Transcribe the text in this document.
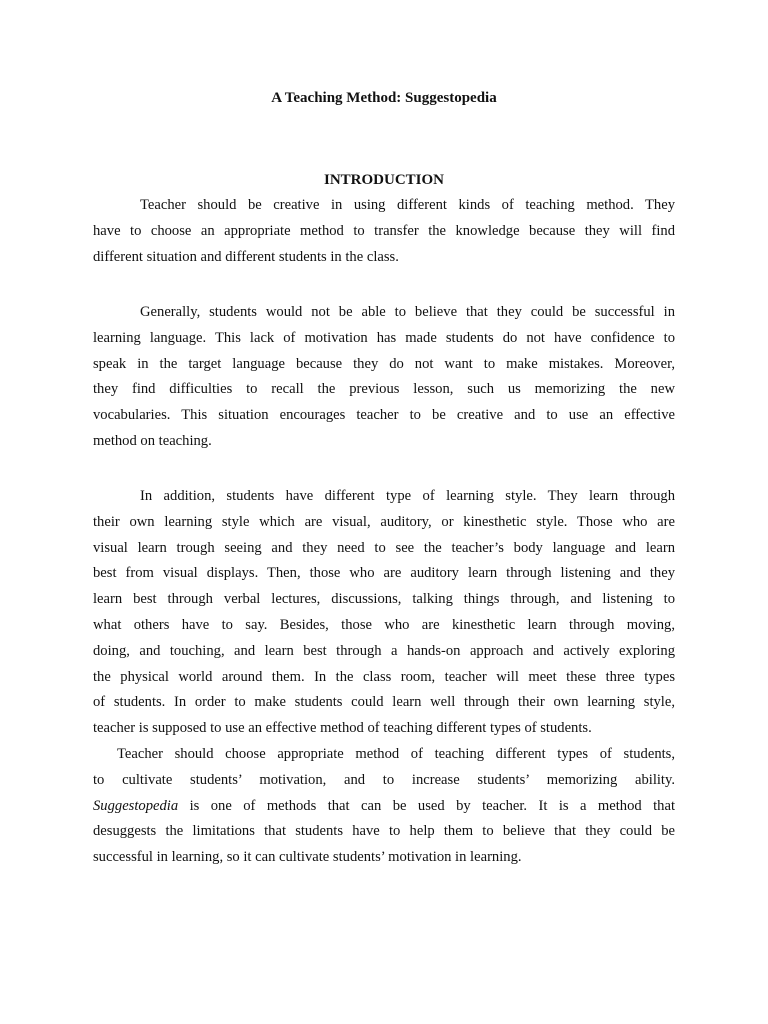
A Teaching Method: Suggestopedia
INTRODUCTION

Teacher should be creative in using different kinds of teaching method. They
have to choose an appropriate method to transfer the knowledge because they will find
different situation and different students in the class.

Generally, students would not be able to believe that they could be successful in
learning language. This lack of motivation has made students do not have confidence to
speak in the target language because they do not want to make mistakes. Moreover,
they find difficulties to recall the previous lesson, such us memorizing the new
vocabularies. This situation encourages teacher to be creative and to use an effective
method on teaching.

In addition, students have different type of learning style. They learn through
their own learning style which are visual, auditory, or kinesthetic style. Those who are
visual learn trough seeing and they need to see the teacher’s body language and learn
best from visual displays. Then, those who are auditory learn through listening and they
learn best through verbal lectures, discussions, talking things through, and listening to
what others have to say. Besides, those who are kinesthetic learn through moving,
doing, and touching, and learn best through a hands-on approach and actively exploring
the physical world around them. In the class room, teacher will meet these three types
of students. In order to make students could learn well through their own learning style,
teacher is supposed to use an effective method of teaching different types of students.

Teacher should choose appropriate method of teaching different types of students,
to cultivate students’ motivation, and to increase students’ memorizing ability.
Suggestopedia is one of methods that can be used by teacher. It is a method that
desuggests the limitations that students have to help them to believe that they could be
successful in learning, so it can cultivate students’ motivation in learning.
